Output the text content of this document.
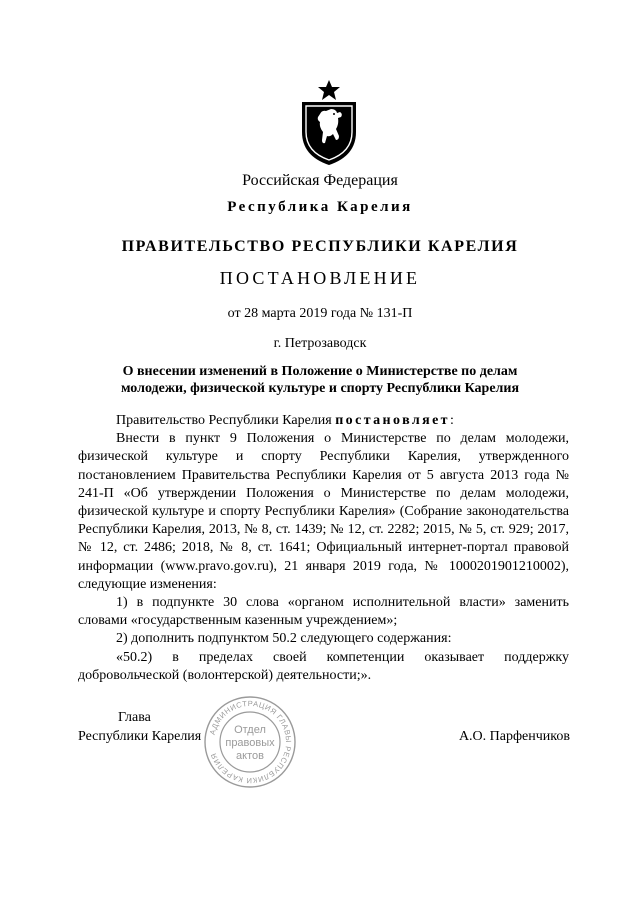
Российская Федерация
Республика Карелия
ПРАВИТЕЛЬСТВО РЕСПУБЛИКИ КАРЕЛИЯ
ПОСТАНОВЛЕНИЕ
от 28 марта 2019 года № 131-П
г. Петрозаводск
О внесении изменений в Положение о Министерстве по делам
молодежи, физической культуре и спорту Республики Карелия

Правительство Республики Карелия постановляет:

Внести в пункт 9 Положения о Министерстве по делам молодежи, физической культуре и спорту Республики Карелия, утвержденного постановлением Правительства Республики Карелия от 5 августа 2013 года № 241-П «Об утверждении Положения о Министерстве по делам молодежи, физической культуре и спорту Республики Карелия» (Собрание законодательства Республики Карелия, 2013, № 8, ст. 1439; № 12, ст. 2282; 2015, № 5, ст. 929; 2017, № 12, ст. 2486; 2018, № 8, ст. 1641; Официальный интернет-портал правовой информации (www.pravo.gov.ru), 21 января 2019 года, № 1000201901210002), следующие изменения:

1) в подпункте 30 слова «органом исполнительной власти» заменить словами «государственным казенным учреждением»;

2) дополнить подпунктом 50.2 следующего содержания:

«50.2) в пределах своей компетенции оказывает поддержку добровольческой (волонтерской) деятельности;».

Глава
Республики Карелия	А.О. Парфенчиков
АДМИНИСТРАЦИЯ ГЛАВЫ РЕСПУБЛИКИ КАРЕЛИЯ
Отдел
правовых
актов
